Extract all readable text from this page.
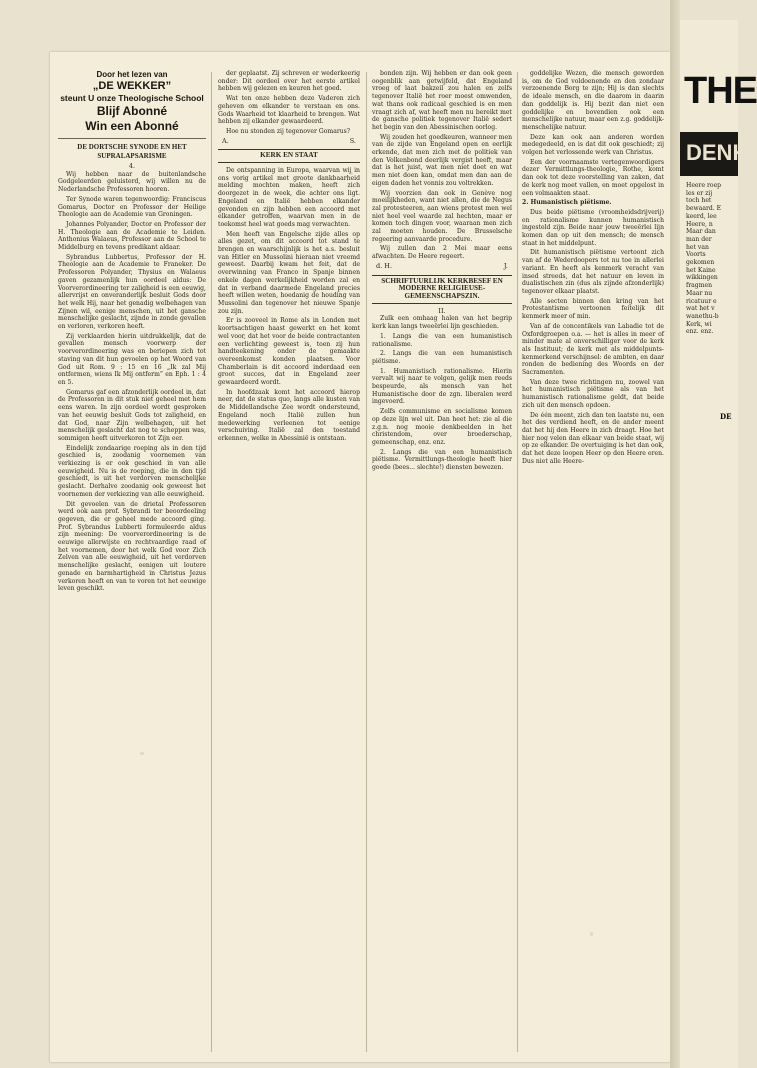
Door het lezen van
„DE WEKKER”
steunt U onze Theologische School
Blijf Abonné
Win een Abonné
DE DORTSCHE SYNODE EN HET SUPRALAPSARISME
4.

Wij hebben naar de buitenlandsche Godgeleerden geluisterd, wij willen nu de Nederlandsche Professoren hooren.

Ter Synode waren tegenwoordig: Franciscus Gomarus, Doctor en Professor der Heilige Theologie aan de Academie van Groningen.

Johannes Polyander, Doctor en Professor der H. Theologie aan de Academie te Leiden. Anthonius Walaeus, Professor aan de School te Middelburg en tevens predikant aldaar.

Sybrandus Lubbertus, Professor der H. Theologie aan de Academie te Franeker. De Professoren Polyander, Thysius en Walaeus gaven gezamenlijk hun oordeel aldus: De Voorverordineering ter zaligheid is een eeuwig, allervrijst en onveranderlijk besluit Gods door het welk Hij, naar het genadig welbehagen van Zijnen wil, eenige menschen, uit het gansche menschelijke geslacht, zijnde in zonde gevallen en verloren, verkoren heeft.

Zij verklaarden hierin uitdrukkelijk, dat de gevallen mensch voorwerp der voorverordineering was en beriepen zich tot staving van dit hun gevoelen op het Woord van God uit Rom. 9 : 15 en 16 „Ik zal Mij ontfermen, wiens Ik Mij ontferm” en Eph. 1 : 4 en 5.

Gomarus gaf een afzonderlijk oordeel in, dat de Professoren in dit stuk niet geheel met hem eens waren. In zijn oordeel wordt gesproken van het eeuwig besluit Gods tot zaligheid, en dat God, naar Zijn welbehagen, uit het menschelijk geslacht dat nog te scheppen was, sommigen heeft uitverkoren tot Zijn eer.

Eindelijk zondaarige roeping als in den tijd geschied is, zoodanig voornemen van verkiezing is er ook geschied in van alle eeuwigheid. Nu is de roeping, die in den tijd geschiedt, is uit het verdorven menschelijke geslacht. Derhalve zoodanig ook geweest het voornemen der verkiezing van alle eeuwigheid.

Dit gevoelen van de drietal Professoren werd ook aan prof. Sybrandi ter beoordeeling gegeven, die er geheel mede accoord ging. Prof. Sybrandus Lubberti formuleerde aldus zijn meening: De voorverordineering is de eeuwige allerwijste en rechtvaardige raad of het voornemen, door het welk God voor Zich Zelven van alle eeuwigheid, uit het verdorven menschelijke geslacht, eenigen uit loutere genade en barmhartigheid in Christus Jezus verkoren heeft en van te voren tot het eeuwige leven geschikt.

der geplaatst. Zij schreven er wederkeerig onder: Dit oordeel over het eerste artikel hebben wij gelezen en keuren het goed.

Wat ten onze hebben deze Vaderen zich geheven om elkander te verstaan en ons. Gods Waarheid tot klaarheid te brengen. Wat hebben zij elkander gewaardeerd.

Hoe nu stonden zij tegenover Gomarus?

A.	S.
KERK EN STAAT

De ontspanning in Europa, waarvan wij in ons vorig artikel met groote dankbaarheid melding mochten maken, heeft zich doorgezet in de week, die achter ons ligt. Engeland en Italië hebben elkander gevonden en zijn hebben een accoord met elkander getroffen, waarvan men in de toekomst heel wat goeds mag verwachten.

Men heeft van Engelsche zijde alles op alles gezet, om dit accoord tot stand te brengen en waarschijnlijk is het a.s. besluit van Hitler en Mussolini hieraan niet vreemd geweest. Daarbij kwam het feit, dat de overwinning van Franco in Spanje binnen enkele dagen werkelijkheid worden zal en dat in verband daarmede Engeland precies heeft willen weten, hoedanig de houding van Mussolini dan tegenover het nieuwe Spanje zou zijn.

Er is zooveel in Rome als in Londen met koortsachtigen haast gewerkt en het komt wel voor, dat het voor de beide contractanten een verlichting geweest is, toen zij hun handteekening onder de gemaakte overeenkomst konden plaatsen. Voor Chamberlain is dit accoord inderdaad een groot succes, dat in Engeland zeer gewaardeerd wordt.

In hoofdzaak komt het accoord hierop neer, dat de status quo, langs alle kusten van de Middellandsche Zee wordt ondersteund, Engeland noch Italië zullen hun medewerking verleenen tot eenige verschuiving. Italië zal den toestand erkennen, welke in Abessinië is ontstaan.

bonden zijn. Wij hebben er dan ook geen oogenblik aan getwijfeld, dat Engeland vroeg of laat bakzeil zou halen en zelfs tegenover Italië het roer moest omwenden, wat thans ook radicaal geschied is en men vraagt zich af, wat heeft men nu bereikt met de gansche politiek tegenover Italië sedert het begin van den Abessinischen oorlog.

Wij zouden het goedkeuren, wanneer men van de zijde van Engeland open en eerlijk erkende, dat men zich met de politiek van den Volkenbond deerlijk vergist heeft, maar dat is het juist, wat men niet doet en wat men niet doen kan, omdat men dan aan de eigen daden het vonnis zou voltrekken.

Wij voorzien dan ook in Genève nog moeilijkheden, want niet allen, die de Negus zal protesteeren, aan wiens protest men wel niet heel veel waarde zal hechten, maar er komen toch dingen voor, waaraan men zich zal moeten houden. De Brusselsche regeering aanvaarde procedure.

Wij zullen dan 2 Mei maar eens afwachten. De Heere regeert.

d. H.	J.
SCHRIFTUURLIJK KERKBESEF EN MODERNE RELIGIEUSE-GEMEENSCHAPSZIN.
II.

Zulk een omhaag halen van het begrip kerk kan langs tweeërlei lijn geschieden.

1. Langs die van een humanistisch rationalisme.

2. Langs die van een humanistisch piëtisme.

1. Humanistisch rationalisme. Hierin vervalt wij naar te volgen, gelijk men reeds bespeurde, als mensch van het Humanistische door de zgn. liberalen werd ingevoerd.

Zelfs communisme en socialisme komen op deze lijn wel uit. Dan heet het: zie al die z.g.n. nog mooie denkbeelden in het christendom, over broederschap, gemeenschap, enz. enz.

2. Langs die van een humanistisch piëtisme. Vermittlungs-theologie heeft hier goede (bees... slechte!) diensten bewezen.

goddelijke Wezen, die mensch geworden is, om de God voldoenende en den zondaar verzoenende Borg te zijn; Hij is dan slechts de ideale mensch, en die daarom in daarin dan goddelijk is. Hij bezit dan niet een goddelijke en bovendien ook een menschelijke natuur, maar een z.g. goddelijk-menschelijke natuur.

Deze kan ook aan anderen worden medegedeeld, en is dat dit ook geschiedt; zij volgen het verlossende werk van Christus.

Een der voornaamste vertegenwoordigers dezer Vermittlungs-theologie, Rothe, komt dan ook tot deze voorstelling van zaken, dat de kerk nog moet vallen, en moet opgelost in een volmaakten staat.

2. Humanistisch piëtisme.

Dus beide piëtisme (vroomheidsdrijverij) en rationalisme kunnen humanistisch ingesteld zijn. Beide naar jouw tweeërlei lijn komen dan op uit den mensch; de mensch staat in het middelpunt.

Dit humanistisch piëtisme vertoont zich van af de Wederdoopers tot nu toe in allerlei variant. En heeft als kenmerk veracht van insed streeds, dat het natuur en leven in dualistischen zin (dus als zijnde afzonderlijk) tegenover elkaar plaatst.

Alle secten binnen den kring van het Protestantisme vertoonen feitelijk dit kenmerk meer of min.

Van af de concentikels van Labadie tot de Oxfordgroepen o.a. — het is alles in meer of minder mate al onverschilliger voor de kerk als Instituut; de kerk met als middelpunts-kenmerkend verschijnsel: de ambten, en daar ronden de bediening des Woords en der Sacramenten.

Van deze twee richtingen nu, zoowel van het humanistisch piëtisme als van het humanistisch rationalisme geldt, dat beide zich uit den mensch opdoen.

De één meent, zich dan ten laatste nu, een het des verdiend heeft, en de ander meent dat het hij den Heere in zich draagt. Hoe het hier nog velen dan elkaar van beide staat, wij op ze elkander. De overtuiging is het dan ook, dat het deze loopen Heer op den Heere eren. Dus niet alle Heere-

THE
DENK
Heere roep
les er zij
toch het
bewaard. E
keerd, lee
Heere, n
Maar dan
man der
het van
Voorts
gekomen
het Kaine
wikkingen
fragmen
Maar nu
ricatuur e
wat het v
wanethu-b
Kerk, wi
enz. enz.
DE
